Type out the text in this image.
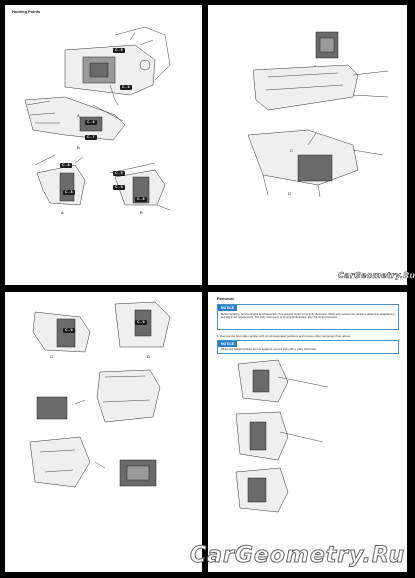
Holding Points
C - 9
C - 6
C - 6
C - 7
C - 8
C - 8
C - 9
C - 9
C - 8
A
B
A	B
C
D
CarGeometry.Ru
C - 9
C - 9
C	D
Removal
NOTICE
Before repairing, remove Engine and Suspension Components. Refer to the body dimension charts and measure the vehicle to determine straightening and alignment requirements. The body must return to its original dimension after the repair procedure.
1. Remove the front side member with cut at designated positions and remove other component from above.
NOTICE
When spot welded portions are not apparent, remove paint with a rotary wire brush.
CarGeometry.Ru
